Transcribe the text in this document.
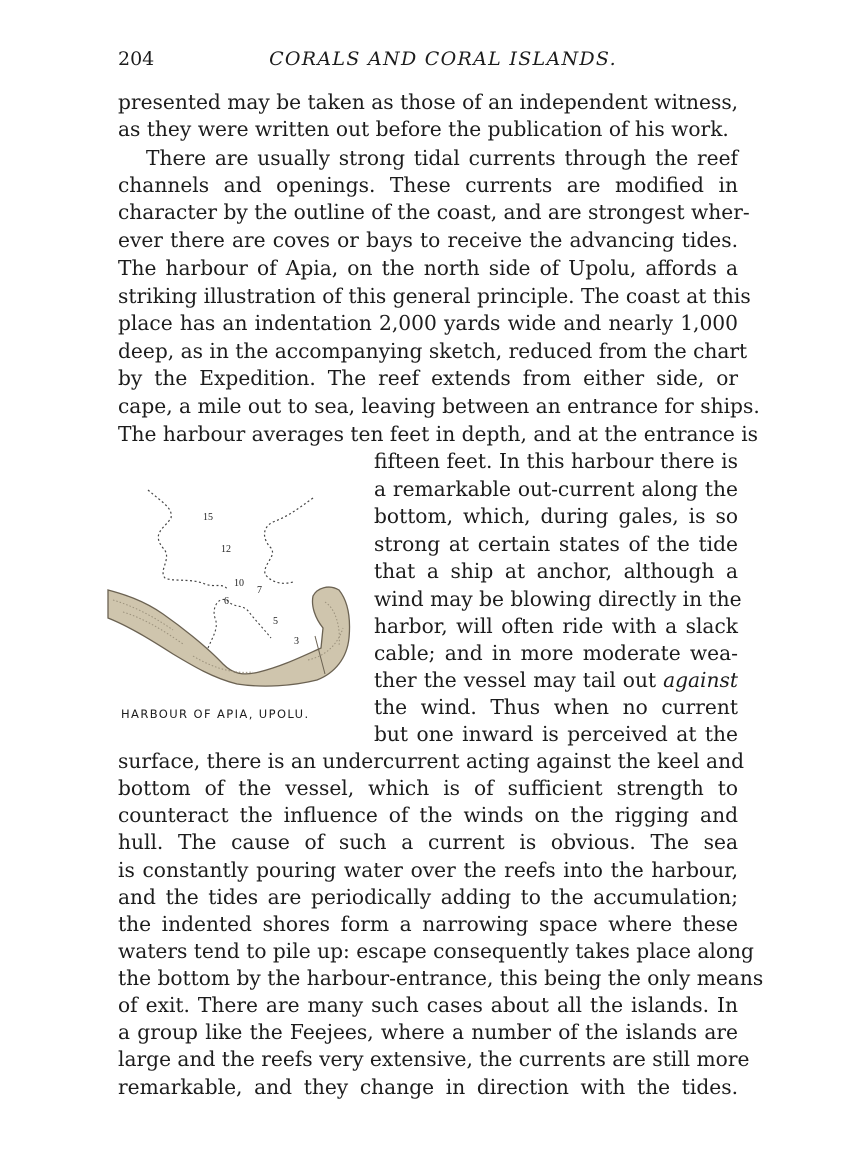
204	CORALS AND CORAL ISLANDS.
presented may be taken as those of an independent witness,
as they were written out before the publication of his work.
There are usually strong tidal currents through the reef
channels and openings. These currents are modified in
character by the outline of the coast, and are strongest wher-
ever there are coves or bays to receive the advancing tides.
The harbour of Apia, on the north side of Upolu, affords a
striking illustration of this general principle. The coast at this
place has an indentation 2,000 yards wide and nearly 1,000
deep, as in the accompanying sketch, reduced from the chart
by the Expedition. The reef extends from either side, or
cape, a mile out to sea, leaving between an entrance for ships.
The harbour averages ten feet in depth, and at the entrance is
15
12
10
7
6
5
3
HARBOUR OF APIA, UPOLU.
fifteen feet. In this harbour there is
a remarkable out-current along the
bottom, which, during gales, is so
strong at certain states of the tide
that a ship at anchor, although a
wind may be blowing directly in the
harbor, will often ride with a slack
cable; and in more moderate wea-
ther the vessel may tail out against
the wind. Thus when no current
but one inward is perceived at the
surface, there is an undercurrent acting against the keel and
bottom of the vessel, which is of sufficient strength to
counteract the influence of the winds on the rigging and
hull. The cause of such a current is obvious. The sea
is constantly pouring water over the reefs into the harbour,
and the tides are periodically adding to the accumulation;
the indented shores form a narrowing space where these
waters tend to pile up: escape consequently takes place along
the bottom by the harbour-entrance, this being the only means
of exit. There are many such cases about all the islands. In
a group like the Feejees, where a number of the islands are
large and the reefs very extensive, the currents are still more
remarkable, and they change in direction with the tides.
